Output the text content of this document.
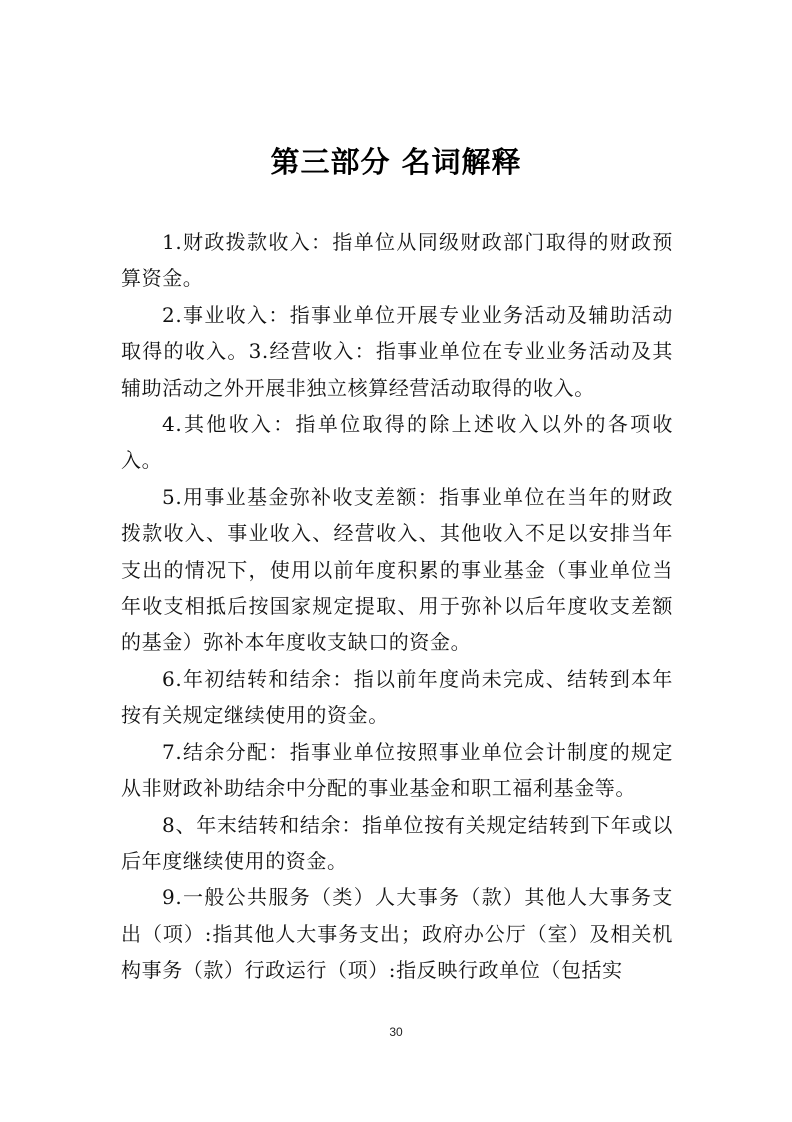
第三部分 名词解释

1.财政拨款收入：指单位从同级财政部门取得的财政预算资金。

2.事业收入：指事业单位开展专业业务活动及辅助活动取得的收入。3.经营收入：指事业单位在专业业务活动及其辅助活动之外开展非独立核算经营活动取得的收入。

4.其他收入：指单位取得的除上述收入以外的各项收入。

5.用事业基金弥补收支差额：指事业单位在当年的财政拨款收入、事业收入、经营收入、其他收入不足以安排当年支出的情况下，使用以前年度积累的事业基金（事业单位当年收支相抵后按国家规定提取、用于弥补以后年度收支差额的基金）弥补本年度收支缺口的资金。

6.年初结转和结余：指以前年度尚未完成、结转到本年按有关规定继续使用的资金。

7.结余分配：指事业单位按照事业单位会计制度的规定从非财政补助结余中分配的事业基金和职工福利基金等。

8、年末结转和结余：指单位按有关规定结转到下年或以后年度继续使用的资金。

9.一般公共服务（类）人大事务（款）其他人大事务支出（项）:指其他人大事务支出；政府办公厅（室）及相关机构事务（款）行政运行（项）:指反映行政单位（包括实

30
